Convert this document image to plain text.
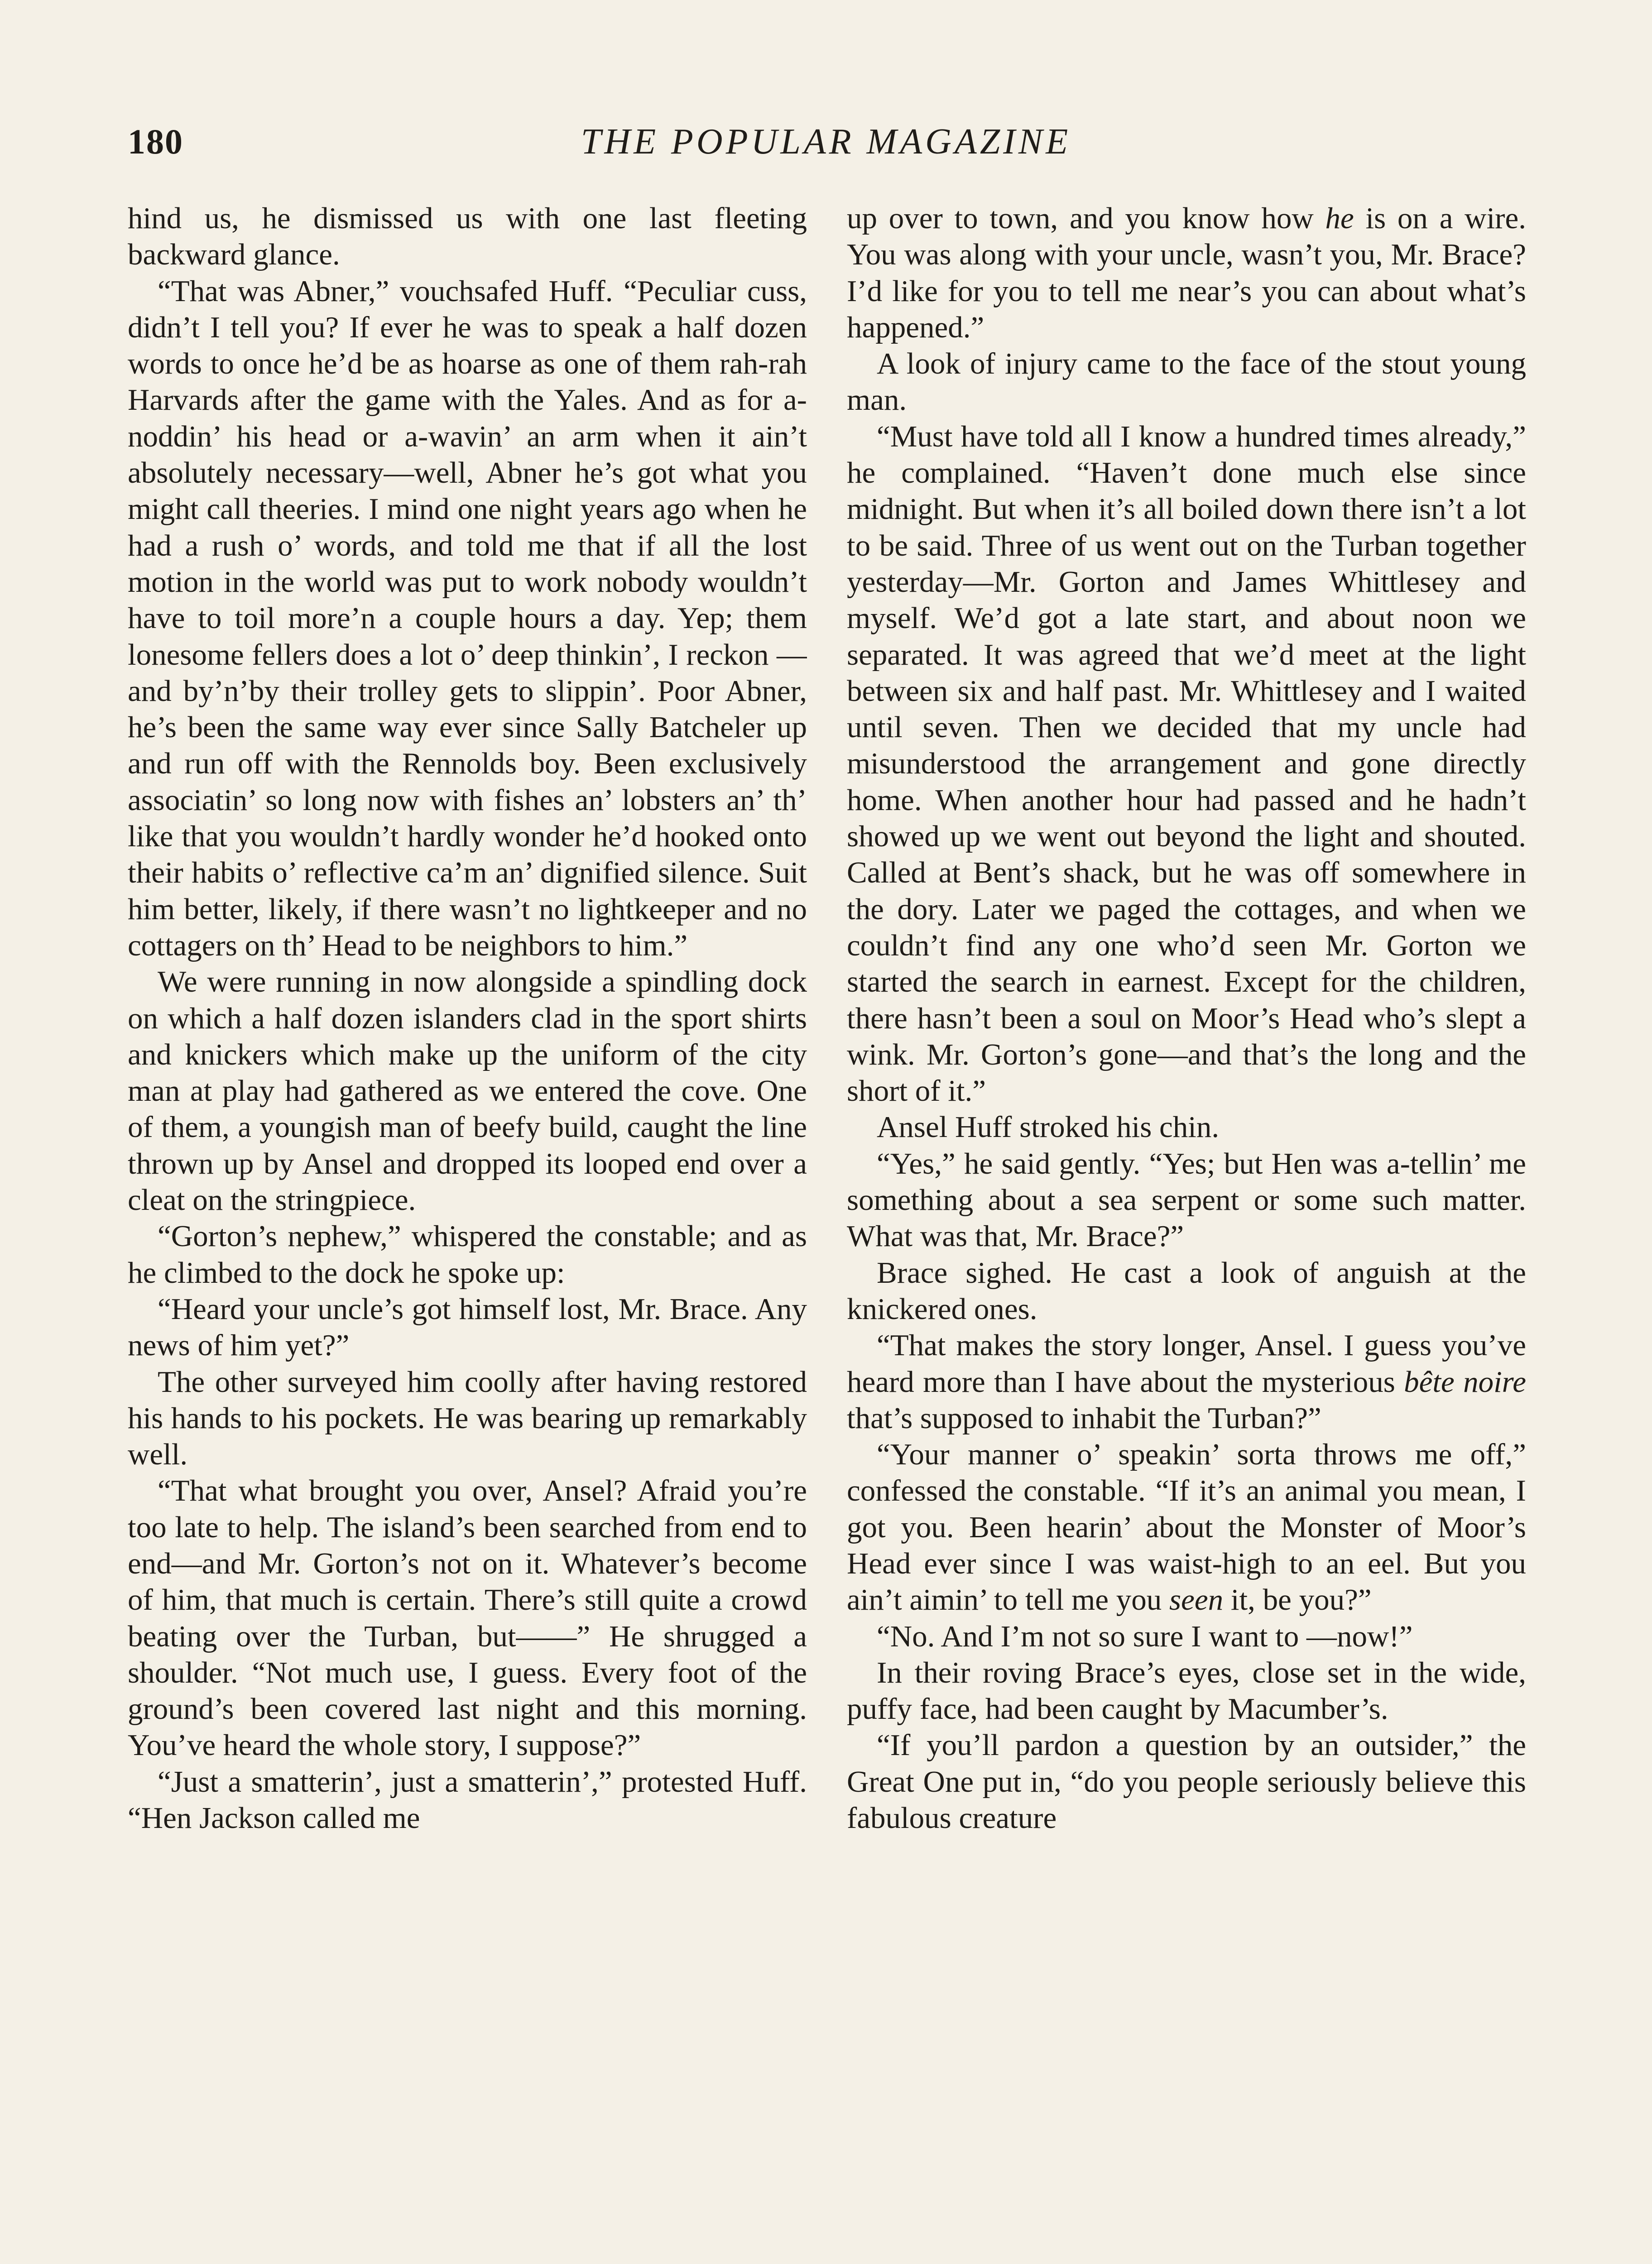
180	THE POPULAR MAGAZINE

hind us, he dismissed us with one last fleeting backward glance.

“That was Abner,” vouchsafed Huff. “Peculiar cuss, didn’t I tell you? If ever he was to speak a half dozen words to once he’d be as hoarse as one of them rah-rah Harvards after the game with the Yales. And as for a-noddin’ his head or a-wavin’ an arm when it ain’t absolutely necessary—well, Abner he’s got what you might call theeries. I mind one night years ago when he had a rush o’ words, and told me that if all the lost motion in the world was put to work nobody wouldn’t have to toil more’n a couple hours a day. Yep; them lonesome fellers does a lot o’ deep thinkin’, I reckon —and by’n’by their trolley gets to slippin’. Poor Abner, he’s been the same way ever since Sally Batcheler up and run off with the Rennolds boy. Been exclusively associatin’ so long now with fishes an’ lobsters an’ th’ like that you wouldn’t hardly wonder he’d hooked onto their habits o’ reflective ca’m an’ dignified silence. Suit him better, likely, if there wasn’t no lightkeeper and no cottagers on th’ Head to be neighbors to him.”

We were running in now alongside a spindling dock on which a half dozen islanders clad in the sport shirts and knickers which make up the uniform of the city man at play had gathered as we entered the cove. One of them, a youngish man of beefy build, caught the line thrown up by Ansel and dropped its looped end over a cleat on the stringpiece.

“Gorton’s nephew,” whispered the constable; and as he climbed to the dock he spoke up:

“Heard your uncle’s got himself lost, Mr. Brace. Any news of him yet?”

The other surveyed him coolly after having restored his hands to his pockets. He was bearing up remarkably well.

“That what brought you over, Ansel? Afraid you’re too late to help. The island’s been searched from end to end—and Mr. Gorton’s not on it. Whatever’s become of him, that much is certain. There’s still quite a crowd beating over the Turban, but——” He shrugged a shoulder. “Not much use, I guess. Every foot of the ground’s been covered last night and this morning. You’ve heard the whole story, I suppose?”

“Just a smatterin’, just a smatterin’,” protested Huff. “Hen Jackson called me

up over to town, and you know how he is on a wire. You was along with your uncle, wasn’t you, Mr. Brace? I’d like for you to tell me near’s you can about what’s happened.”

A look of injury came to the face of the stout young man.

“Must have told all I know a hundred times already,” he complained. “Haven’t done much else since midnight. But when it’s all boiled down there isn’t a lot to be said. Three of us went out on the Turban together yesterday—Mr. Gorton and James Whittlesey and myself. We’d got a late start, and about noon we separated. It was agreed that we’d meet at the light between six and half past. Mr. Whittlesey and I waited until seven. Then we decided that my uncle had misunderstood the arrangement and gone directly home. When another hour had passed and he hadn’t showed up we went out beyond the light and shouted. Called at Bent’s shack, but he was off somewhere in the dory. Later we paged the cottages, and when we couldn’t find any one who’d seen Mr. Gorton we started the search in earnest. Except for the children, there hasn’t been a soul on Moor’s Head who’s slept a wink. Mr. Gorton’s gone—and that’s the long and the short of it.”

Ansel Huff stroked his chin.

“Yes,” he said gently. “Yes; but Hen was a-tellin’ me something about a sea serpent or some such matter. What was that, Mr. Brace?”

Brace sighed. He cast a look of anguish at the knickered ones.

“That makes the story longer, Ansel. I guess you’ve heard more than I have about the mysterious bête noire that’s supposed to inhabit the Turban?”

“Your manner o’ speakin’ sorta throws me off,” confessed the constable. “If it’s an animal you mean, I got you. Been hearin’ about the Monster of Moor’s Head ever since I was waist-high to an eel. But you ain’t aimin’ to tell me you seen it, be you?”

“No. And I’m not so sure I want to —now!”

In their roving Brace’s eyes, close set in the wide, puffy face, had been caught by Macumber’s.

“If you’ll pardon a question by an outsider,” the Great One put in, “do you people seriously believe this fabulous creature
